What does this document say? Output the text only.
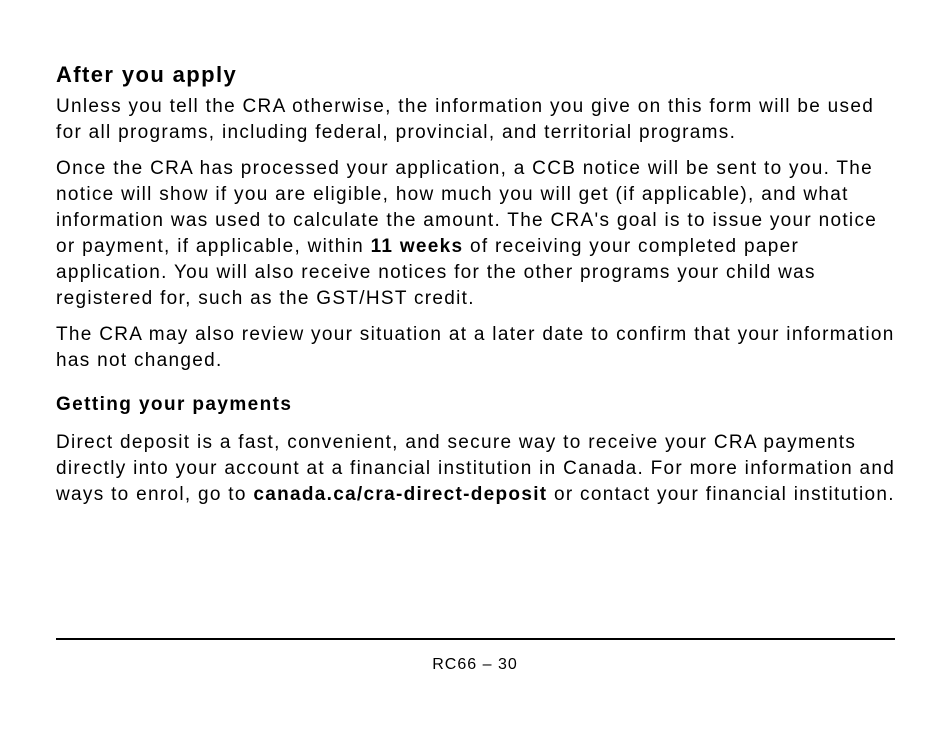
After you apply

Unless you tell the CRA otherwise, the information you give on this form will be used for all programs, including federal, provincial, and territorial programs.

Once the CRA has processed your application, a CCB notice will be sent to you. The notice will show if you are eligible, how much you will get (if applicable), and what information was used to calculate the amount. The CRA's goal is to issue your notice or payment, if applicable, within 11 weeks of receiving your completed paper application. You will also receive notices for the other programs your child was registered for, such as the GST/HST credit.

The CRA may also review your situation at a later date to confirm that your information has not changed.

Getting your payments

Direct deposit is a fast, convenient, and secure way to receive your CRA payments directly into your account at a financial institution in Canada. For more information and ways to enrol, go to canada.ca/cra-direct-deposit or contact your financial institution.

RC66 – 30
